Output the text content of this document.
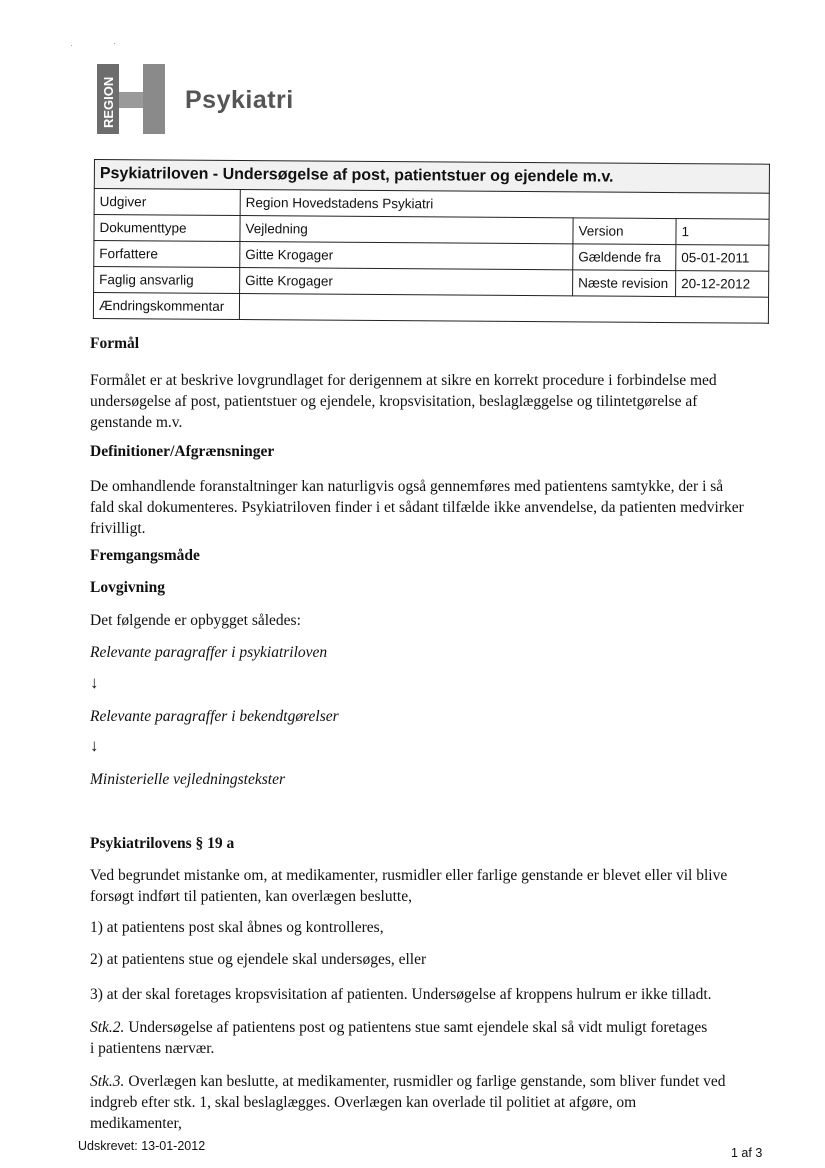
·	·
REGION	Psykiatri
Psykiatriloven - Undersøgelse af post, patientstuer og ejendele m.v.			
Udgiver	Region Hovedstadens Psykiatri		
Dokumenttype	Vejledning	Version	1
Forfattere	Gitte Krogager	Gældende fra	05-01-2011
Faglig ansvarlig	Gitte Krogager	Næste revision	20-12-2012
Ændringskommentar			
Formål

Formålet er at beskrive lovgrundlaget for derigennem at sikre en korrekt procedure i forbindelse med undersøgelse af post, patientstuer og ejendele, kropsvisitation, beslaglæggelse og tilintetgørelse af genstande m.v.

Definitioner/Afgrænsninger

De omhandlende foranstaltninger kan naturligvis også gennemføres med patientens samtykke, der i så fald skal dokumenteres. Psykiatriloven finder i et sådant tilfælde ikke anvendelse, da patienten medvirker frivilligt.

Fremgangsmåde
Lovgivning

Det følgende er opbygget således:

Relevante paragraffer i psykiatriloven

↓

Relevante paragraffer i bekendtgørelser

↓

Ministerielle vejledningstekster

Psykiatrilovens § 19 a

Ved begrundet mistanke om, at medikamenter, rusmidler eller farlige genstande er blevet eller vil blive forsøgt indført til patienten, kan overlægen beslutte,

1) at patientens post skal åbnes og kontrolleres,

2) at patientens stue og ejendele skal undersøges, eller

3) at der skal foretages kropsvisitation af patienten. Undersøgelse af kroppens hulrum er ikke tilladt.

Stk.2. Undersøgelse af patientens post og patientens stue samt ejendele skal så vidt muligt foretages i patientens nærvær.

Stk.3. Overlægen kan beslutte, at medikamenter, rusmidler og farlige genstande, som bliver fundet ved indgreb efter stk. 1, skal beslaglægges. Overlægen kan overlade til politiet at afgøre, om medikamenter,

Udskrevet: 13-01-2012	1 af 3
